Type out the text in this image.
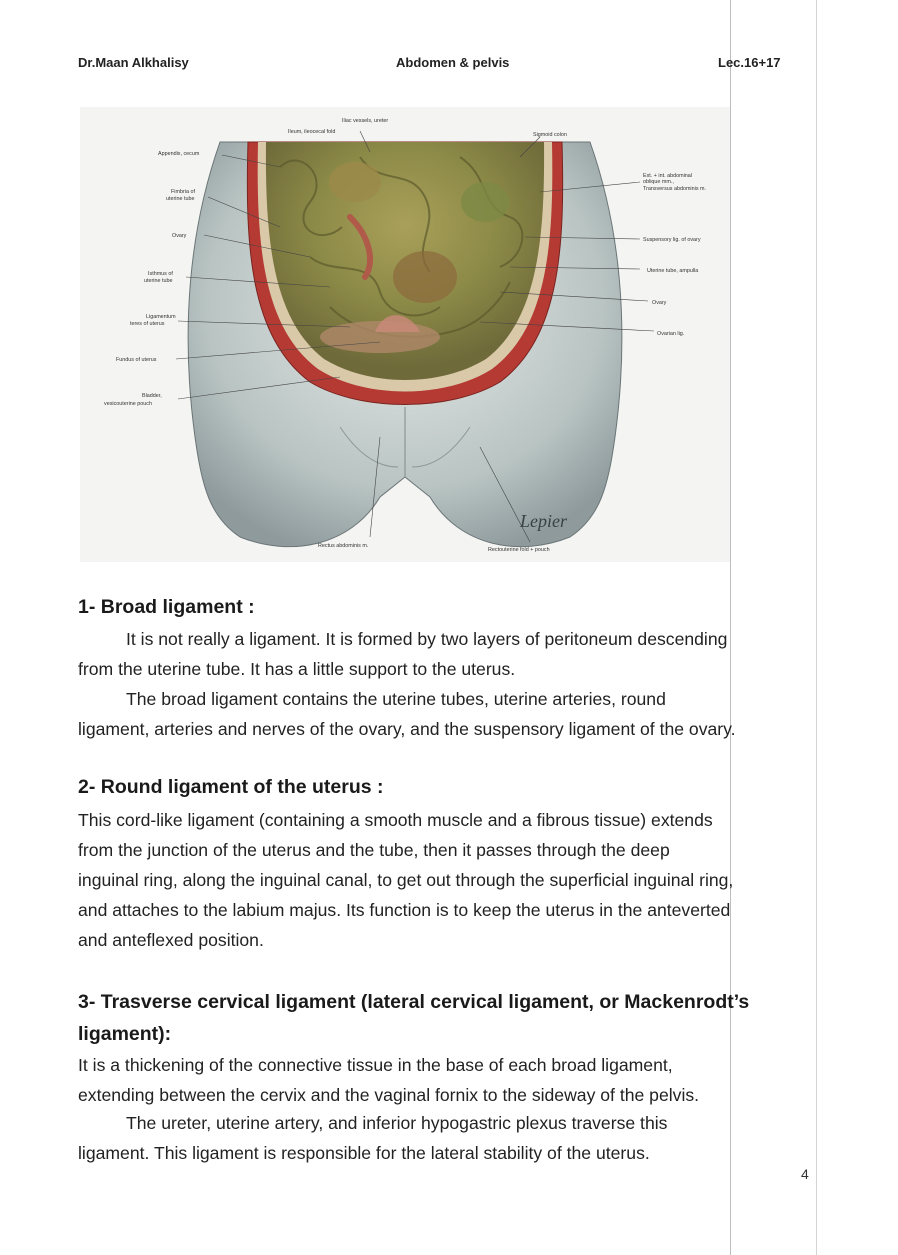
Dr.Maan Alkhalisy	Abdomen & pelvis	Lec.16+17
Iliac vessels, ureter
Ileum, ileocecal fold	Sigmoid colon
Appendix, cecum
Fimbria of
uterine tube
Ovary
Isthmus of
uterine tube
Ligamentum
teres of uterus
Fundus of uterus
Bladder,
vesicouterine pouch
Ext. + int. abdominal
oblique mm.,
Transversus abdominis m.
Suspensory lig. of ovary
Uterine tube, ampulla
Ovary
Ovarian lig.
Rectus abdominis m.
Rectouterine fold + pouch
Lepier
1- Broad ligament :
It is not really a ligament. It is formed by two layers of peritoneum descending
from the uterine tube. It has a little support to the uterus.
The broad ligament contains the uterine tubes, uterine arteries, round
ligament, arteries and nerves of the ovary, and the suspensory ligament of the ovary.
2- Round ligament of the uterus :
This cord-like ligament (containing a smooth muscle and a fibrous tissue) extends
from the junction of the uterus and the tube, then it passes through the deep
inguinal ring, along the inguinal canal, to get out through the superficial inguinal ring,
and attaches to the labium majus. Its function is to keep the uterus in the anteverted
and anteflexed position.
3- Trasverse cervical ligament (lateral cervical ligament, or Mackenrodt’s
ligament):
It is a thickening of the connective tissue in the base of each broad ligament,
extending between the cervix and the vaginal fornix to the sideway of the pelvis.
The ureter, uterine artery, and inferior hypogastric plexus traverse this
ligament. This ligament is responsible for the lateral stability of the uterus.
4
